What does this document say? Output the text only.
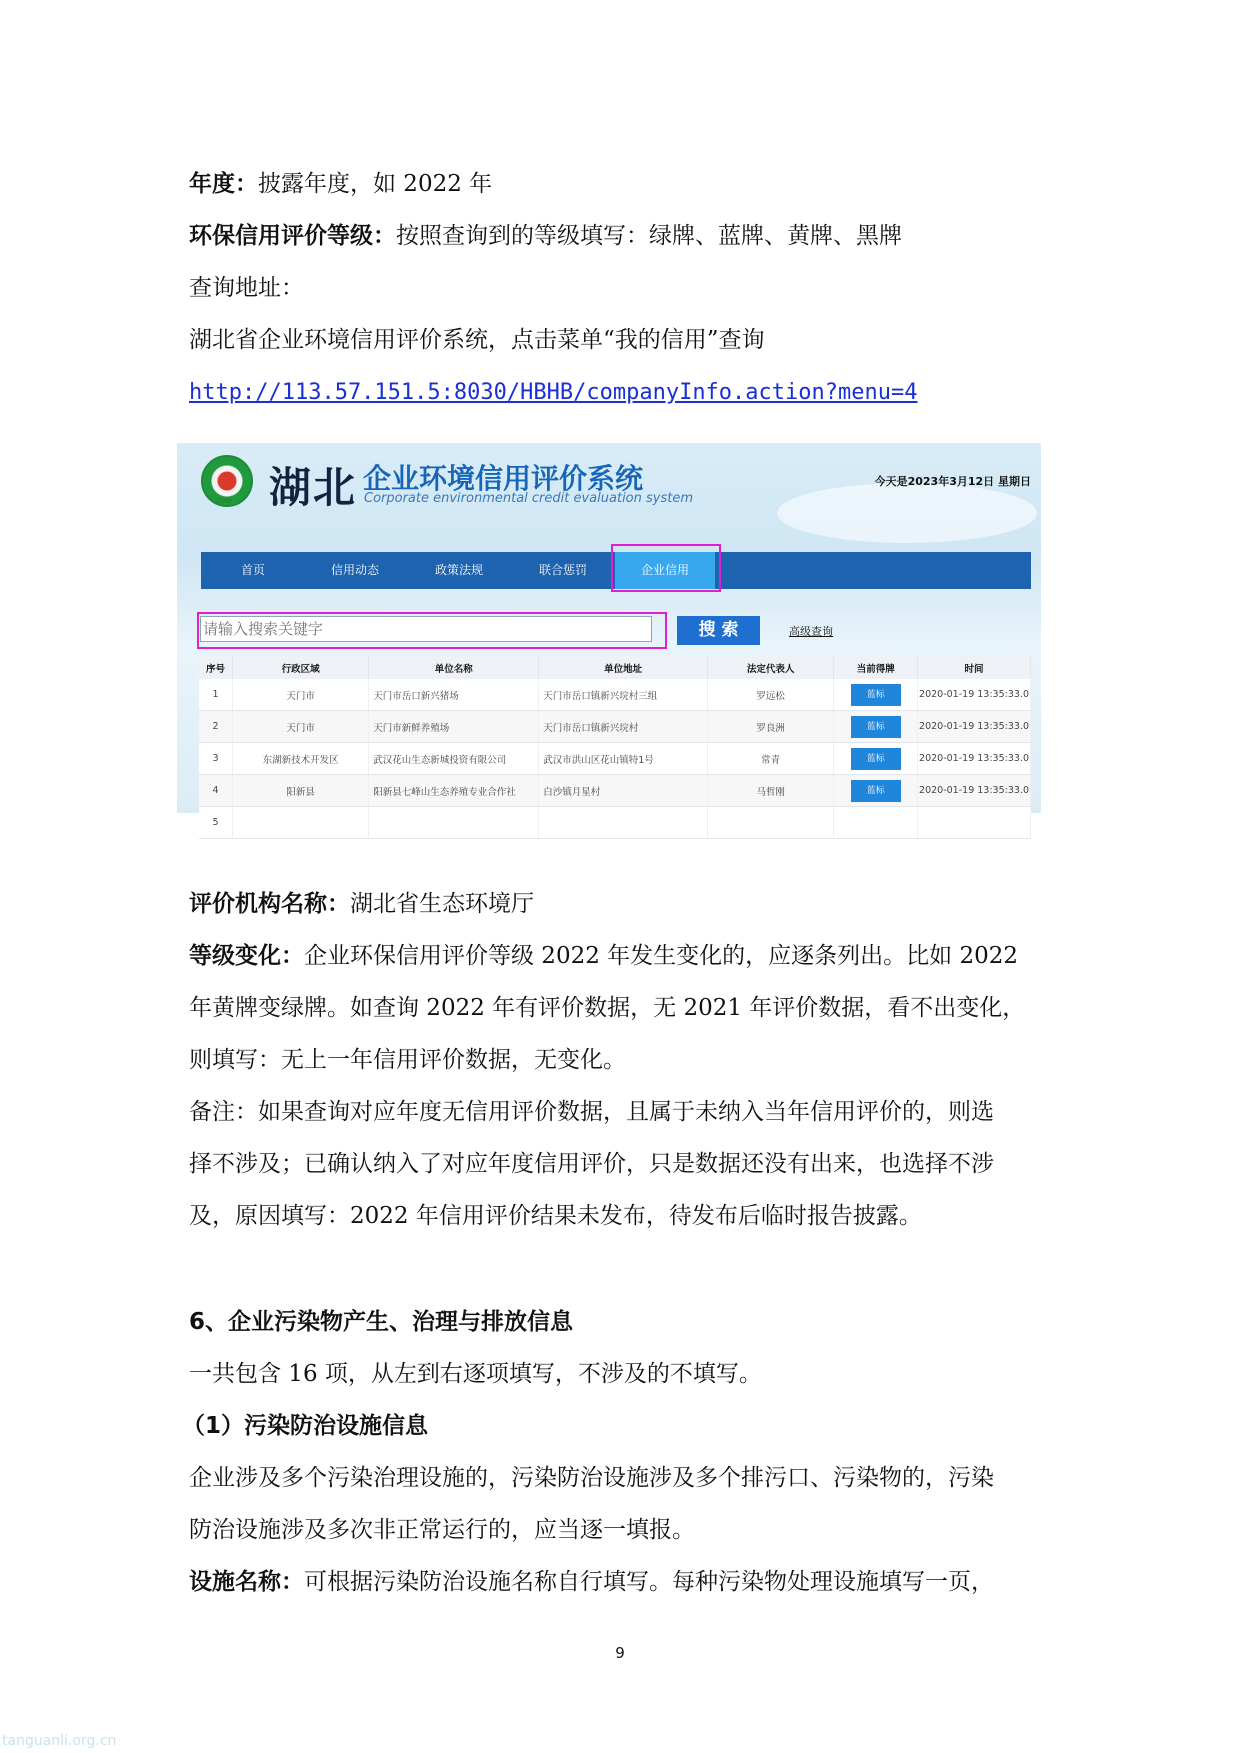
年度：披露年度，如 2022 年
环保信用评价等级：按照查询到的等级填写：绿牌、蓝牌、黄牌、黑牌
查询地址：
湖北省企业环境信用评价系统，点击菜单“我的信用”查询
http://113.57.151.5:8030/HBHB/companyInfo.action?menu=4
ZHB 湖北 企业环境信用评价系统
Corporate environmental credit evaluation system
今天是2023年3月12日 星期日
首页	信用动态	政策法规	联合惩罚	企业信用
请输入搜索关键字	搜 索	高级查询
序号	行政区域	单位名称	单位地址	法定代表人	当前得牌	时间
1	天门市	天门市岳口新兴猪场	天门市岳口镇新兴垸村三组	罗远松	蓝标	2020-01-19 13:35:33.0
2	天门市	天门市新鲜养殖场	天门市岳口镇新兴垸村	罗良洲	蓝标	2020-01-19 13:35:33.0
3	东湖新技术开发区	武汉花山生态新城投资有限公司	武汉市洪山区花山镇特1号	常青	蓝标	2020-01-19 13:35:33.0
4	阳新县	阳新县七峰山生态养殖专业合作社	白沙镇月星村	马哲刚	蓝标	2020-01-19 13:35:33.0
5						
评价机构名称：湖北省生态环境厅
等级变化：企业环保信用评价等级 2022 年发生变化的，应逐条列出。比如 2022
年黄牌变绿牌。如查询 2022 年有评价数据，无 2021 年评价数据，看不出变化，
则填写：无上一年信用评价数据，无变化。
备注：如果查询对应年度无信用评价数据，且属于未纳入当年信用评价的，则选
择不涉及；已确认纳入了对应年度信用评价，只是数据还没有出来，也选择不涉
及，原因填写：2022 年信用评价结果未发布，待发布后临时报告披露。
6、企业污染物产生、治理与排放信息
一共包含 16 项，从左到右逐项填写，不涉及的不填写。
（1）污染防治设施信息
企业涉及多个污染治理设施的，污染防治设施涉及多个排污口、污染物的，污染
防治设施涉及多次非正常运行的，应当逐一填报。
设施名称：可根据污染防治设施名称自行填写。每种污染物处理设施填写一页，
9
tanguanli.org.cn
